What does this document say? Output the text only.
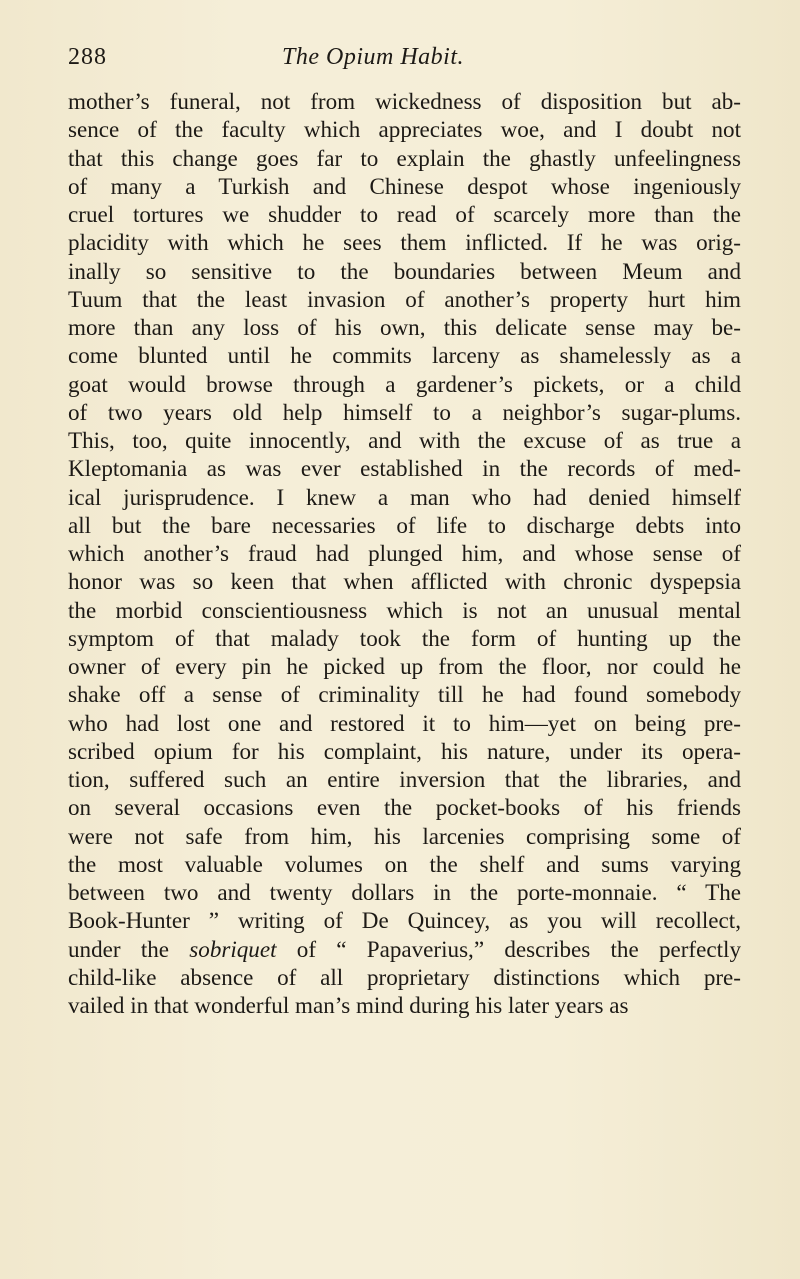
288	The Opium Habit.
mother’s funeral, not from wickedness of disposition but ab-
sence of the faculty which appreciates woe, and I doubt not
that this change goes far to explain the ghastly unfeelingness
of many a Turkish and Chinese despot whose ingeniously
cruel tortures we shudder to read of scarcely more than the
placidity with which he sees them inflicted. If he was orig-
inally so sensitive to the boundaries between Meum and
Tuum that the least invasion of another’s property hurt him
more than any loss of his own, this delicate sense may be-
come blunted until he commits larceny as shamelessly as a
goat would browse through a gardener’s pickets, or a child
of two years old help himself to a neighbor’s sugar-plums.
This, too, quite innocently, and with the excuse of as true a
Kleptomania as was ever established in the records of med-
ical jurisprudence. I knew a man who had denied himself
all but the bare necessaries of life to discharge debts into
which another’s fraud had plunged him, and whose sense of
honor was so keen that when afflicted with chronic dyspepsia
the morbid conscientiousness which is not an unusual mental
symptom of that malady took the form of hunting up the
owner of every pin he picked up from the floor, nor could he
shake off a sense of criminality till he had found somebody
who had lost one and restored it to him—yet on being pre-
scribed opium for his complaint, his nature, under its opera-
tion, suffered such an entire inversion that the libraries, and
on several occasions even the pocket-books of his friends
were not safe from him, his larcenies comprising some of
the most valuable volumes on the shelf and sums varying
between two and twenty dollars in the porte-monnaie. “ The
Book-Hunter ” writing of De Quincey, as you will recollect,
under the sobriquet of “ Papaverius,” describes the perfectly
child-like absence of all proprietary distinctions which pre-
vailed in that wonderful man’s mind during his later years as
